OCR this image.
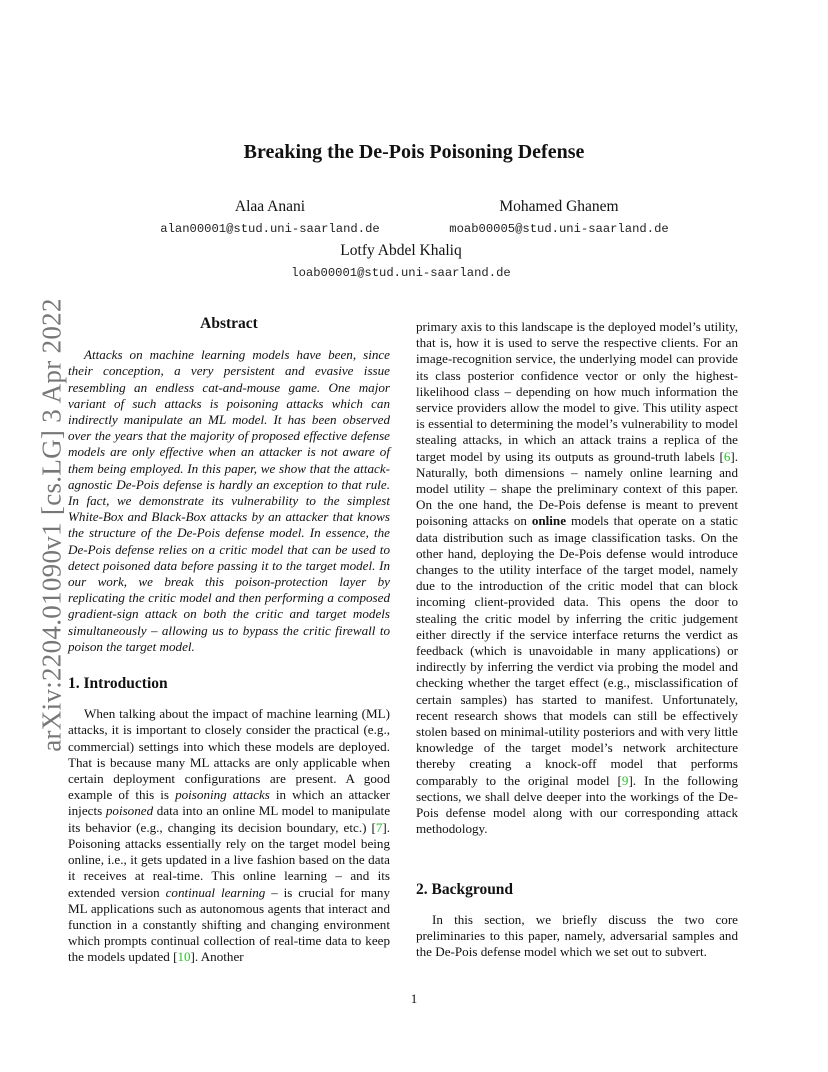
arXiv:2204.01090v1 [cs.LG] 3 Apr 2022
Breaking the De-Pois Poisoning Defense
Alaa Anani
alan00001@stud.uni-saarland.de
Mohamed Ghanem
moab00005@stud.uni-saarland.de
Lotfy Abdel Khaliq
loab00001@stud.uni-saarland.de
Abstract

Attacks on machine learning models have been, since their conception, a very persistent and evasive issue resembling an endless cat-and-mouse game. One major variant of such attacks is poisoning attacks which can indirectly manipulate an ML model. It has been observed over the years that the majority of proposed effective defense models are only effective when an attacker is not aware of them being employed. In this paper, we show that the attack-agnostic De-Pois defense is hardly an exception to that rule. In fact, we demonstrate its vulnerability to the simplest White-Box and Black-Box attacks by an attacker that knows the structure of the De-Pois defense model. In essence, the De-Pois defense relies on a critic model that can be used to detect poisoned data before passing it to the target model. In our work, we break this poison-protection layer by replicating the critic model and then performing a composed gradient-sign attack on both the critic and target models simultaneously – allowing us to bypass the critic firewall to poison the target model.

1. Introduction

When talking about the impact of machine learning (ML) attacks, it is important to closely consider the practical (e.g., commercial) settings into which these models are deployed. That is because many ML attacks are only applicable when certain deployment configurations are present. A good example of this is poisoning attacks in which an attacker injects poisoned data into an online ML model to manipulate its behavior (e.g., changing its decision boundary, etc.) [7]. Poisoning attacks essentially rely on the target model being online, i.e., it gets updated in a live fashion based on the data it receives at real-time. This online learning – and its extended version continual learning – is crucial for many ML applications such as autonomous agents that interact and function in a constantly shifting and changing environment which prompts continual collection of real-time data to keep the models updated [10]. Another

primary axis to this landscape is the deployed model’s utility, that is, how it is used to serve the respective clients. For an image-recognition service, the underlying model can provide its class posterior confidence vector or only the highest-likelihood class – depending on how much information the service providers allow the model to give. This utility aspect is essential to determining the model’s vulnerability to model stealing attacks, in which an attack trains a replica of the target model by using its outputs as ground-truth labels [6]. Naturally, both dimensions – namely online learning and model utility – shape the preliminary context of this paper. On the one hand, the De-Pois defense is meant to prevent poisoning attacks on online models that operate on a static data distribution such as image classification tasks. On the other hand, deploying the De-Pois defense would introduce changes to the utility interface of the target model, namely due to the introduction of the critic model that can block incoming client-provided data. This opens the door to stealing the critic model by inferring the critic judgement either directly if the service interface returns the verdict as feedback (which is unavoidable in many applications) or indirectly by inferring the verdict via probing the model and checking whether the target effect (e.g., misclassification of certain samples) has started to manifest. Unfortunately, recent research shows that models can still be effectively stolen based on minimal-utility posteriors and with very little knowledge of the target model’s network architecture thereby creating a knock-off model that performs comparably to the original model [9]. In the following sections, we shall delve deeper into the workings of the De-Pois defense model along with our corresponding attack methodology.

2. Background

In this section, we briefly discuss the two core preliminaries to this paper, namely, adversarial samples and the De-Pois defense model which we set out to subvert.

1
